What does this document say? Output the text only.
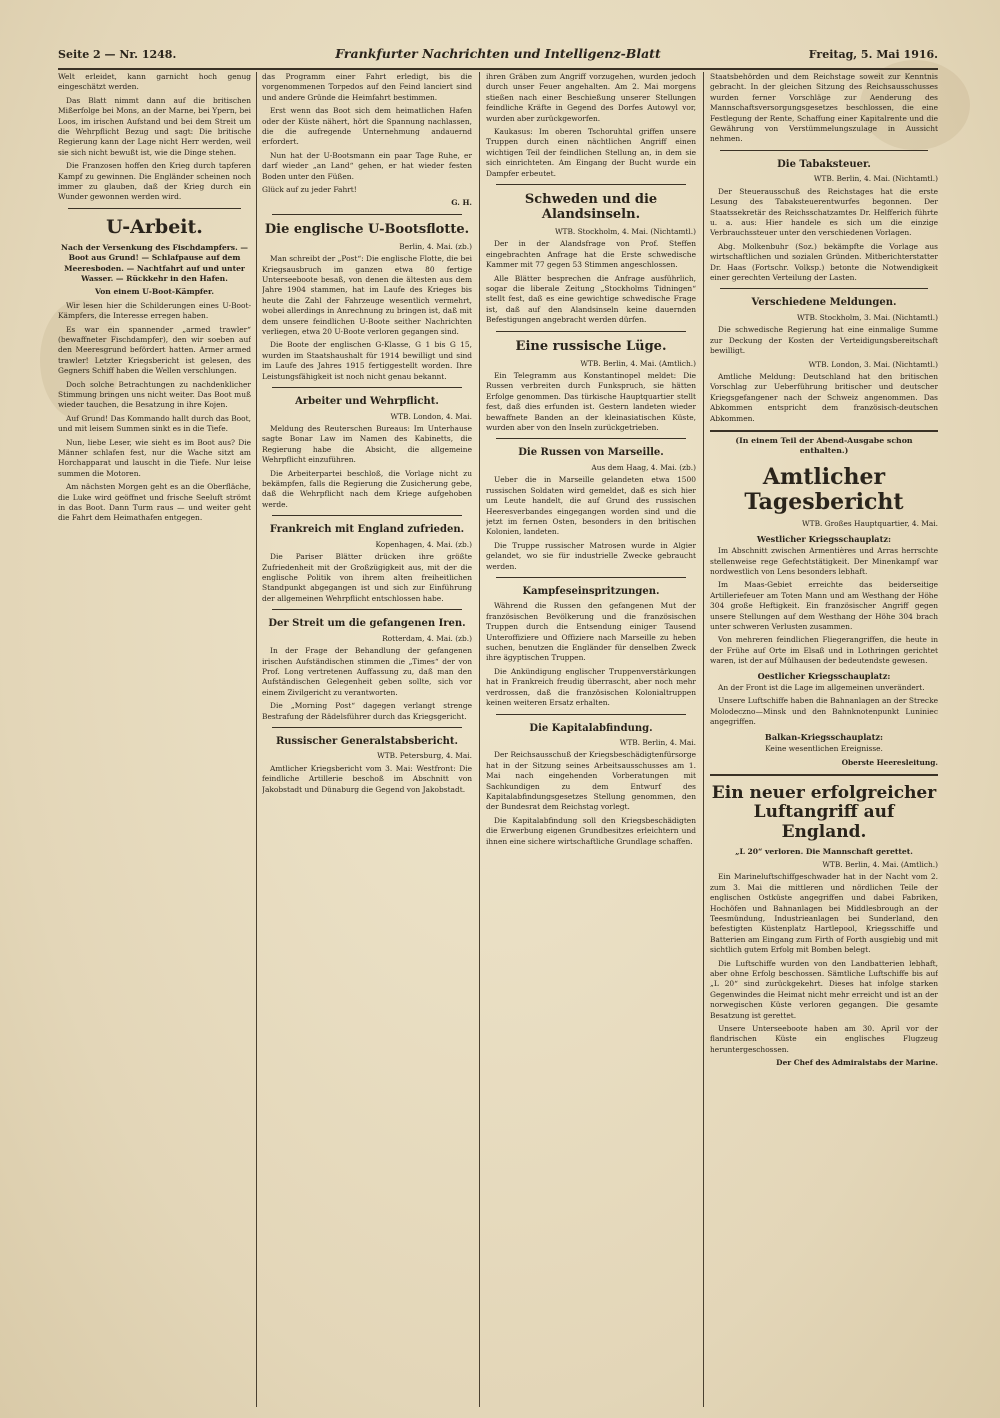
Seite 2 — Nr. 1248.	Frankfurter Nachrichten und Intelligenz-Blatt	Freitag, 5. Mai 1916.

Welt erleidet, kann garnicht hoch genug eingeschätzt werden.

Das Blatt nimmt dann auf die britischen Mißerfolge bei Mons, an der Marne, bei Ypern, bei Loos, im irischen Aufstand und bei dem Streit um die Wehrpflicht Bezug und sagt: Die britische Regierung kann der Lage nicht Herr werden, weil sie sich nicht bewußt ist, wie die Dinge stehen.

Die Franzosen hoffen den Krieg durch tapferen Kampf zu gewinnen. Die Engländer scheinen noch immer zu glauben, daß der Krieg durch ein Wunder gewonnen werden wird.

U-Arbeit.
Nach der Versenkung des Fischdampfers. — Boot aus Grund! — Schlafpause auf dem Meeresboden. — Nachtfahrt auf und unter Wasser. — Rückkehr in den Hafen.
Von einem U-Boot-Kämpfer.

Wir lesen hier die Schilderungen eines U-Boot-Kämpfers, die Interesse erregen haben.

Es war ein spannender „armed trawler“ (bewaffneter Fischdampfer), den wir soeben auf den Meeresgrund befördert hatten. Armer armed trawler! Letzter Kriegsbericht ist gelesen, des Gegners Schiff haben die Wellen verschlungen.

Doch solche Betrachtungen zu nachdenklicher Stimmung bringen uns nicht weiter. Das Boot muß wieder tauchen, die Besatzung in ihre Kojen.

Auf Grund! Das Kommando hallt durch das Boot, und mit leisem Summen sinkt es in die Tiefe.

Nun, liebe Leser, wie sieht es im Boot aus? Die Männer schlafen fest, nur die Wache sitzt am Horchapparat und lauscht in die Tiefe. Nur leise summen die Motoren.

Am nächsten Morgen geht es an die Oberfläche, die Luke wird geöffnet und frische Seeluft strömt in das Boot. Dann Turm raus — und weiter geht die Fahrt dem Heimathafen entgegen.

das Programm einer Fahrt erledigt, bis die vorgenommenen Torpedos auf den Feind lanciert sind und andere Gründe die Heimfahrt bestimmen.

Erst wenn das Boot sich dem heimatlichen Hafen oder der Küste nähert, hört die Spannung nachlassen, die die aufregende Unternehmung andauernd erfordert.

Nun hat der U-Bootsmann ein paar Tage Ruhe, er darf wieder „an Land“ gehen, er hat wieder festen Boden unter den Füßen.

Glück auf zu jeder Fahrt!

G. H.
Die englische U-Bootsflotte.
Berlin, 4. Mai. (zb.)

Man schreibt der „Post“: Die englische Flotte, die bei Kriegsausbruch im ganzen etwa 80 fertige Unterseeboote besaß, von denen die ältesten aus dem Jahre 1904 stammen, hat im Laufe des Krieges bis heute die Zahl der Fahrzeuge wesentlich vermehrt, wobei allerdings in Anrechnung zu bringen ist, daß mit dem unsere feindlichen U-Boote seither Nachrichten verliegen, etwa 20 U-Boote verloren gegangen sind.

Die Boote der englischen G-Klasse, G 1 bis G 15, wurden im Staatshaushalt für 1914 bewilligt und sind im Laufe des Jahres 1915 fertiggestellt worden. Ihre Leistungsfähigkeit ist noch nicht genau bekannt.

Arbeiter und Wehrpflicht.
WTB. London, 4. Mai.

Meldung des Reuterschen Bureaus: Im Unterhause sagte Bonar Law im Namen des Kabinetts, die Regierung habe die Absicht, die allgemeine Wehrpflicht einzuführen.

Die Arbeiterpartei beschloß, die Vorlage nicht zu bekämpfen, falls die Regierung die Zusicherung gebe, daß die Wehrpflicht nach dem Kriege aufgehoben werde.

Frankreich mit England zufrieden.
Kopenhagen, 4. Mai. (zb.)

Die Pariser Blätter drücken ihre größte Zufriedenheit mit der Großzügigkeit aus, mit der die englische Politik von ihrem alten freiheitlichen Standpunkt abgegangen ist und sich zur Einführung der allgemeinen Wehrpflicht entschlossen habe.

Der Streit um die gefangenen Iren.
Rotterdam, 4. Mai. (zb.)

In der Frage der Behandlung der gefangenen irischen Aufständischen stimmen die „Times“ der von Prof. Long vertretenen Auffassung zu, daß man den Aufständischen Gelegenheit geben sollte, sich vor einem Zivilgericht zu verantworten.

Die „Morning Post“ dagegen verlangt strenge Bestrafung der Rädelsführer durch das Kriegsgericht.

Russischer Generalstabsbericht.
WTB. Petersburg, 4. Mai.

Amtlicher Kriegsbericht vom 3. Mai: Westfront: Die feindliche Artillerie beschoß im Abschnitt von Jakobstadt und Dünaburg die Gegend von Jakobstadt.

ihren Gräben zum Angriff vorzugehen, wurden jedoch durch unser Feuer angehalten. Am 2. Mai morgens stießen nach einer Beschießung unserer Stellungen feindliche Kräfte in Gegend des Dorfes Autowyl vor, wurden aber zurückgeworfen.

Kaukasus: Im oberen Tschoruhtal griffen unsere Truppen durch einen nächtlichen Angriff einen wichtigen Teil der feindlichen Stellung an, in dem sie sich einrichteten. Am Eingang der Bucht wurde ein Dampfer erbeutet.

Schweden und die Alandsinseln.
WTB. Stockholm, 4. Mai. (Nichtamtl.)

Der in der Alandsfrage von Prof. Steffen eingebrachten Anfrage hat die Erste schwedische Kammer mit 77 gegen 53 Stimmen angeschlossen.

Alle Blätter besprechen die Anfrage ausführlich, sogar die liberale Zeitung „Stockholms Tidningen“ stellt fest, daß es eine gewichtige schwedische Frage ist, daß auf den Alandsinseln keine dauernden Befestigungen angebracht werden dürfen.

Eine russische Lüge.
WTB. Berlin, 4. Mai. (Amtlich.)

Ein Telegramm aus Konstantinopel meldet: Die Russen verbreiten durch Funkspruch, sie hätten Erfolge genommen. Das türkische Hauptquartier stellt fest, daß dies erfunden ist. Gestern landeten wieder bewaffnete Banden an der kleinasiatischen Küste, wurden aber von den Inseln zurückgetrieben.

Die Russen von Marseille.
Aus dem Haag, 4. Mai. (zb.)

Ueber die in Marseille gelandeten etwa 1500 russischen Soldaten wird gemeldet, daß es sich hier um Leute handelt, die auf Grund des russischen Heeresverbandes eingegangen worden sind und die jetzt im fernen Osten, besonders in den britischen Kolonien, landeten.

Die Truppe russischer Matrosen wurde in Algier gelandet, wo sie für industrielle Zwecke gebraucht werden.

Kampfeseinspritzungen.

Während die Russen den gefangenen Mut der französischen Bevölkerung und die französischen Truppen durch die Entsendung einiger Tausend Unteroffiziere und Offiziere nach Marseille zu heben suchen, benutzen die Engländer für denselben Zweck ihre ägyptischen Truppen.

Die Ankündigung englischer Truppenverstärkungen hat in Frankreich freudig überrascht, aber noch mehr verdrossen, daß die französischen Kolonialtruppen keinen weiteren Ersatz erhalten.

Die Kapitalabfindung.
WTB. Berlin, 4. Mai.

Der Reichsausschuß der Kriegsbeschädigtenfürsorge hat in der Sitzung seines Arbeitsausschusses am 1. Mai nach eingehenden Vorberatungen mit Sachkundigen zu dem Entwurf des Kapitalabfindungsgesetzes Stellung genommen, den der Bundesrat dem Reichstag vorlegt.

Die Kapitalabfindung soll den Kriegsbeschädigten die Erwerbung eigenen Grundbesitzes erleichtern und ihnen eine sichere wirtschaftliche Grundlage schaffen.

Staatsbehörden und dem Reichstage soweit zur Kenntnis gebracht. In der gleichen Sitzung des Reichsausschusses wurden ferner Vorschläge zur Aenderung des Mannschaftsversorgungsgesetzes beschlossen, die eine Festlegung der Rente, Schaffung einer Kapitalrente und die Gewährung von Verstümmelungszulage in Aussicht nehmen.

Die Tabaksteuer.
WTB. Berlin, 4. Mai. (Nichtamtl.)

Der Steuerausschuß des Reichstages hat die erste Lesung des Tabaksteuerentwurfes begonnen. Der Staatssekretär des Reichsschatzamtes Dr. Helfferich führte u. a. aus: Hier handele es sich um die einzige Verbrauchssteuer unter den verschiedenen Vorlagen.

Abg. Molkenbuhr (Soz.) bekämpfte die Vorlage aus wirtschaftlichen und sozialen Gründen. Mitberichterstatter Dr. Haas (Fortschr. Volksp.) betonte die Notwendigkeit einer gerechten Verteilung der Lasten.

Verschiedene Meldungen.
WTB. Stockholm, 3. Mai. (Nichtamtl.)

Die schwedische Regierung hat eine einmalige Summe zur Deckung der Kosten der Verteidigungsbereitschaft bewilligt.

WTB. London, 3. Mai. (Nichtamtl.)

Amtliche Meldung: Deutschland hat den britischen Vorschlag zur Ueberführung britischer und deutscher Kriegsgefangener nach der Schweiz angenommen. Das Abkommen entspricht dem französisch-deutschen Abkommen.

(In einem Teil der Abend-Ausgabe schon enthalten.)
Amtlicher Tagesbericht
WTB. Großes Hauptquartier, 4. Mai.
Westlicher Kriegsschauplatz:

Im Abschnitt zwischen Armentières und Arras herrschte stellenweise rege Gefechtstätigkeit. Der Minenkampf war nordwestlich von Lens besonders lebhaft.

Im Maas-Gebiet erreichte das beiderseitige Artilleriefeuer am Toten Mann und am Westhang der Höhe 304 große Heftigkeit. Ein französischer Angriff gegen unsere Stellungen auf dem Westhang der Höhe 304 brach unter schweren Verlusten zusammen.

Von mehreren feindlichen Fliegerangriffen, die heute in der Frühe auf Orte im Elsaß und in Lothringen gerichtet waren, ist der auf Mülhausen der bedeutendste gewesen.

Oestlicher Kriegsschauplatz:

An der Front ist die Lage im allgemeinen unverändert.

Unsere Luftschiffe haben die Bahnanlagen an der Strecke Molodeczno—Minsk und den Bahnknotenpunkt Luniniec angegriffen.

Balkan-Kriegsschauplatz:

Keine wesentlichen Ereignisse.

Oberste Heeresleitung.
Ein neuer erfolgreicher Luftangriff auf England.
„L 20“ verloren. Die Mannschaft gerettet.
WTB. Berlin, 4. Mai. (Amtlich.)

Ein Marineluftschiffgeschwader hat in der Nacht vom 2. zum 3. Mai die mittleren und nördlichen Teile der englischen Ostküste angegriffen und dabei Fabriken, Hochöfen und Bahnanlagen bei Middlesbrough an der Teesmündung, Industrieanlagen bei Sunderland, den befestigten Küstenplatz Hartlepool, Kriegsschiffe und Batterien am Eingang zum Firth of Forth ausgiebig und mit sichtlich gutem Erfolg mit Bomben belegt.

Die Luftschiffe wurden von den Landbatterien lebhaft, aber ohne Erfolg beschossen. Sämtliche Luftschiffe bis auf „L 20“ sind zurückgekehrt. Dieses hat infolge starken Gegenwindes die Heimat nicht mehr erreicht und ist an der norwegischen Küste verloren gegangen. Die gesamte Besatzung ist gerettet.

Unsere Unterseeboote haben am 30. April vor der flandrischen Küste ein englisches Flugzeug heruntergeschossen.

Der Chef des Admiralstabs der Marine.
